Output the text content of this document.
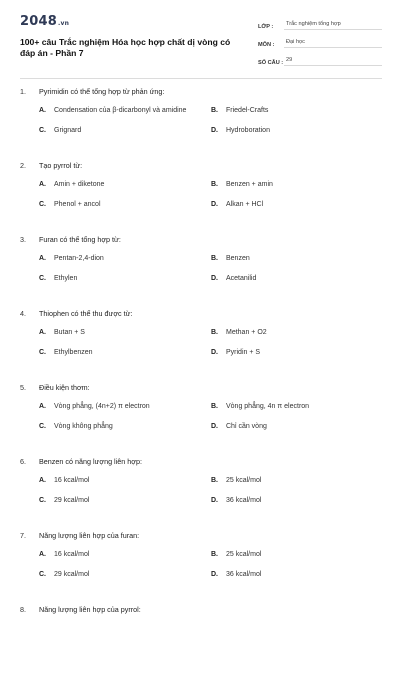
2048.vn
100+ câu Trắc nghiệm Hóa học hợp chất dị vòng có đáp án - Phần 7
LỚP :	Trắc nghiệm tổng hợp
MÔN :	Đại học
SỐ CÂU : 29
1.	Pyrimidin có thể tổng hợp từ phản ứng:
A.	Condensation của β-dicarbonyl và amidine	B.	Friedel-Crafts
C.	Grignard	D.	Hydroboration
2.	Tạo pyrrol từ:
A.	Amin + diketone	B.	Benzen + amin
C.	Phenol + ancol	D.	Alkan + HCl
3.	Furan có thể tổng hợp từ:
A.	Pentan-2,4-dion	B.	Benzen
C.	Ethylen	D.	Acetanilid
4.	Thiophen có thể thu được từ:
A.	Butan + S	B.	Methan + O2
C.	Ethylbenzen	D.	Pyridin + S
5.	Điều kiện thơm:
A.	Vòng phẳng, (4n+2) π electron	B.	Vòng phẳng, 4n π electron
C.	Vòng không phẳng	D.	Chỉ cần vòng
6.	Benzen có năng lượng liên hợp:
A.	16 kcal/mol	B.	25 kcal/mol
C.	29 kcal/mol	D.	36 kcal/mol
7.	Năng lượng liên hợp của furan:
A.	16 kcal/mol	B.	25 kcal/mol
C.	29 kcal/mol	D.	36 kcal/mol
8.	Năng lượng liên hợp của pyrrol:
